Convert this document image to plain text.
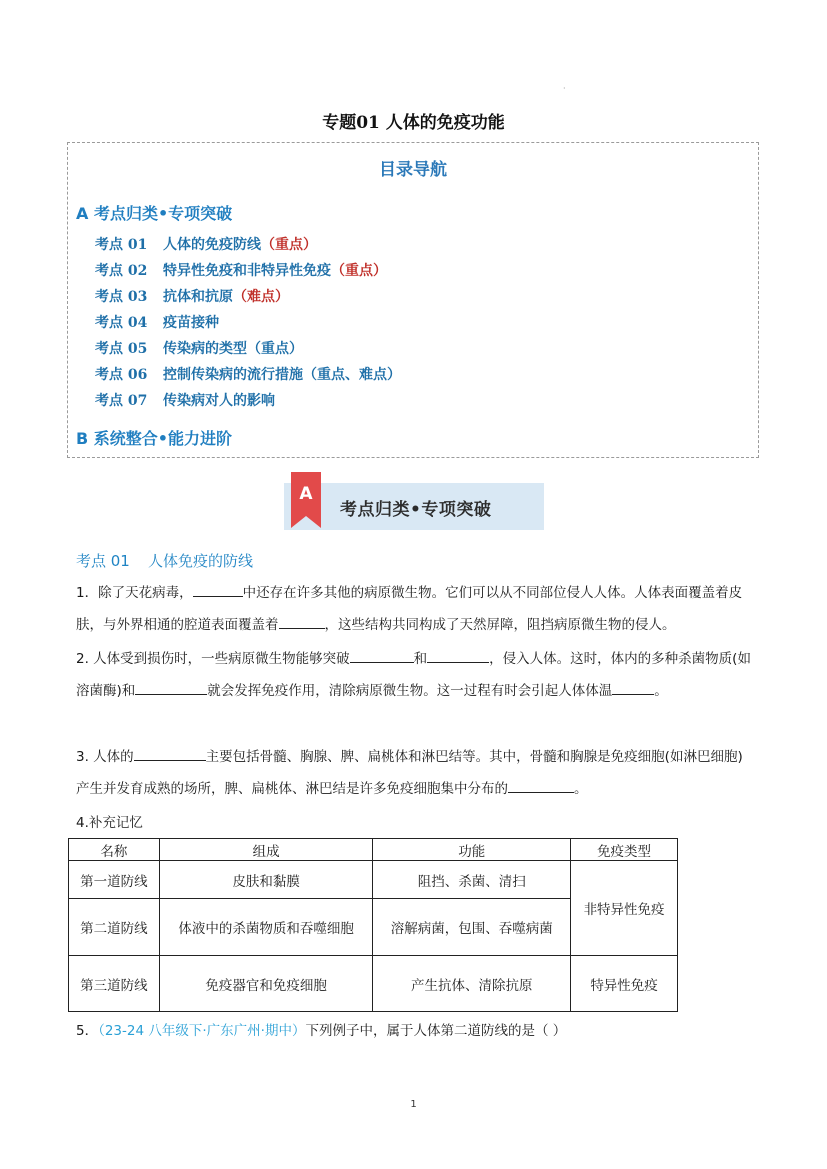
·
专题01 人体的免疫功能
目录导航
A 考点归类•专项突破
考点 01 人体的免疫防线（重点）
考点 02 特异性免疫和非特异性免疫（重点）
考点 03 抗体和抗原（难点）
考点 04 疫苗接种
考点 05 传染病的类型（重点）
考点 06 控制传染病的流行措施（重点、难点）
考点 07 传染病对人的影响
B 系统整合•能力进阶
考点归类•专项突破
A
考点 01 人体免疫的防线
1．除了天花病毒，	中还存在许多其他的病原微生物。它们可以从不同部位侵人人体。人体表面覆盖着皮肤，与外界相通的腔道表面覆盖着	，这些结构共同构成了天然屏障，阻挡病原微生物的侵人。
2. 人体受到损伤时，一些病原微生物能够突破	和	，侵入人体。这时，体内的多种杀菌物质(如溶菌酶)和	就会发挥免疫作用，清除病原微生物。这一过程有时会引起人体体温	。
3. 人体的	主要包括骨髓、胸腺、脾、扁桃体和淋巴结等。其中，骨髓和胸腺是免疫细胞(如淋巴细胞)产生并发育成熟的场所，脾、扁桃体、淋巴结是许多免疫细胞集中分布的	。
4.补充记忆
名称	组成	功能	免疫类型
第一道防线	皮肤和黏膜	阻挡、杀菌、清扫	非特异性免疫
第二道防线	体液中的杀菌物质和吞噬细胞	溶解病菌，包围、吞噬病菌	
第三道防线	免疫器官和免疫细胞	产生抗体、清除抗原	特异性免疫
5．（23-24 八年级下·广东广州·期中）下列例子中，属于人体第二道防线的是（ ）
1
